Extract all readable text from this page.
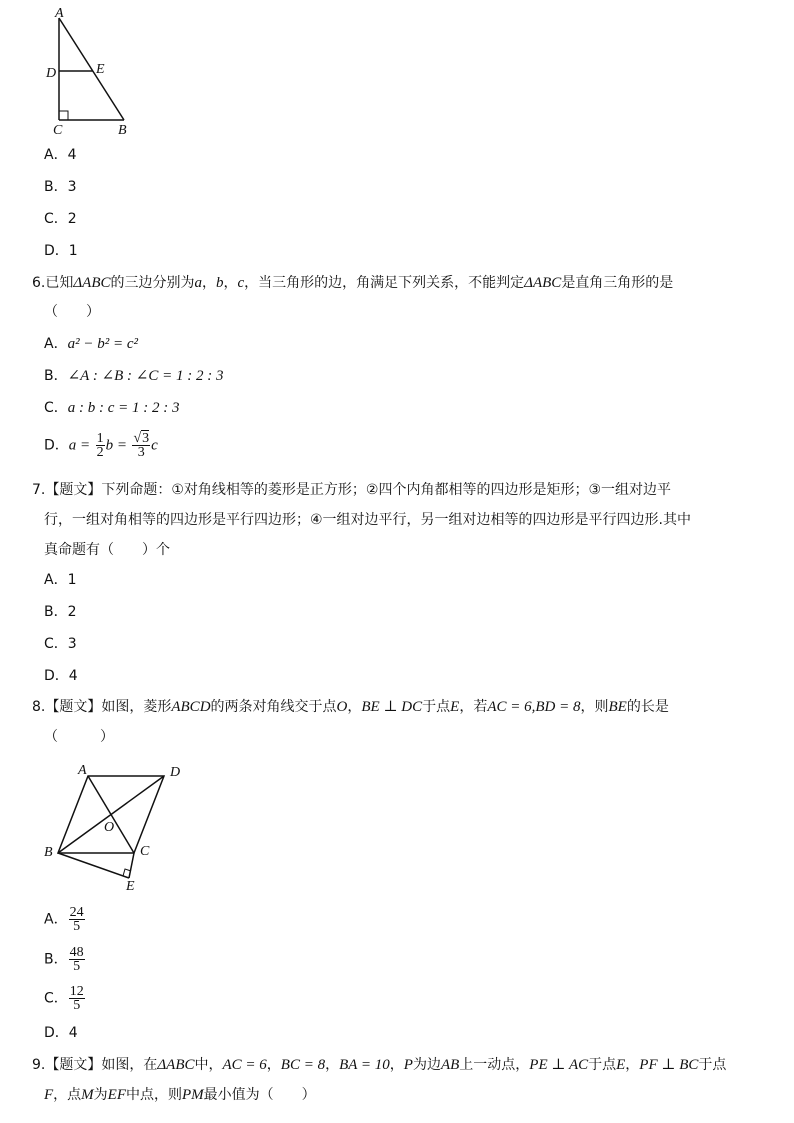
A
D	E
C	B
A．4
B．3
C．2
D．1
6.已知ΔABC的三边分别为a，b，c，当三角形的边，角满足下列关系，不能判定ΔABC是直角三角形的是
（　　）
A．a² − b² = c²
B．∠A : ∠B : ∠C = 1 : 2 : 3
C．a : b : c = 1 : 2 : 3
D．$a = \frac{1}{2}$ $b = \frac{√3}{3}$ c
7.【题文】下列命题：①对角线相等的菱形是正方形；②四个内角都相等的四边形是矩形；③一组对边平
行，一组对角相等的四边形是平行四边形；④一组对边平行，另一组对边相等的四边形是平行四边形.其中
真命题有（　　）个
A．1
B．2
C．3
D．4
8.【题文】如图，菱形ABCD的两条对角线交于点O，BE ⊥ DC于点E，若AC = 6,BD = 8，则BE的长是
（　　　）
A	D
O
B	C
E
A． $\frac{24}{5}$
B． $\frac{48}{5}$
C． $\frac{12}{5}$
D．4
9.【题文】如图，在ΔABC中，AC = 6，BC = 8，BA = 10，P为边AB上一动点，PE ⊥ AC于点E，PF ⊥ BC于点
F，点M为EF中点，则PM最小值为（　　）
